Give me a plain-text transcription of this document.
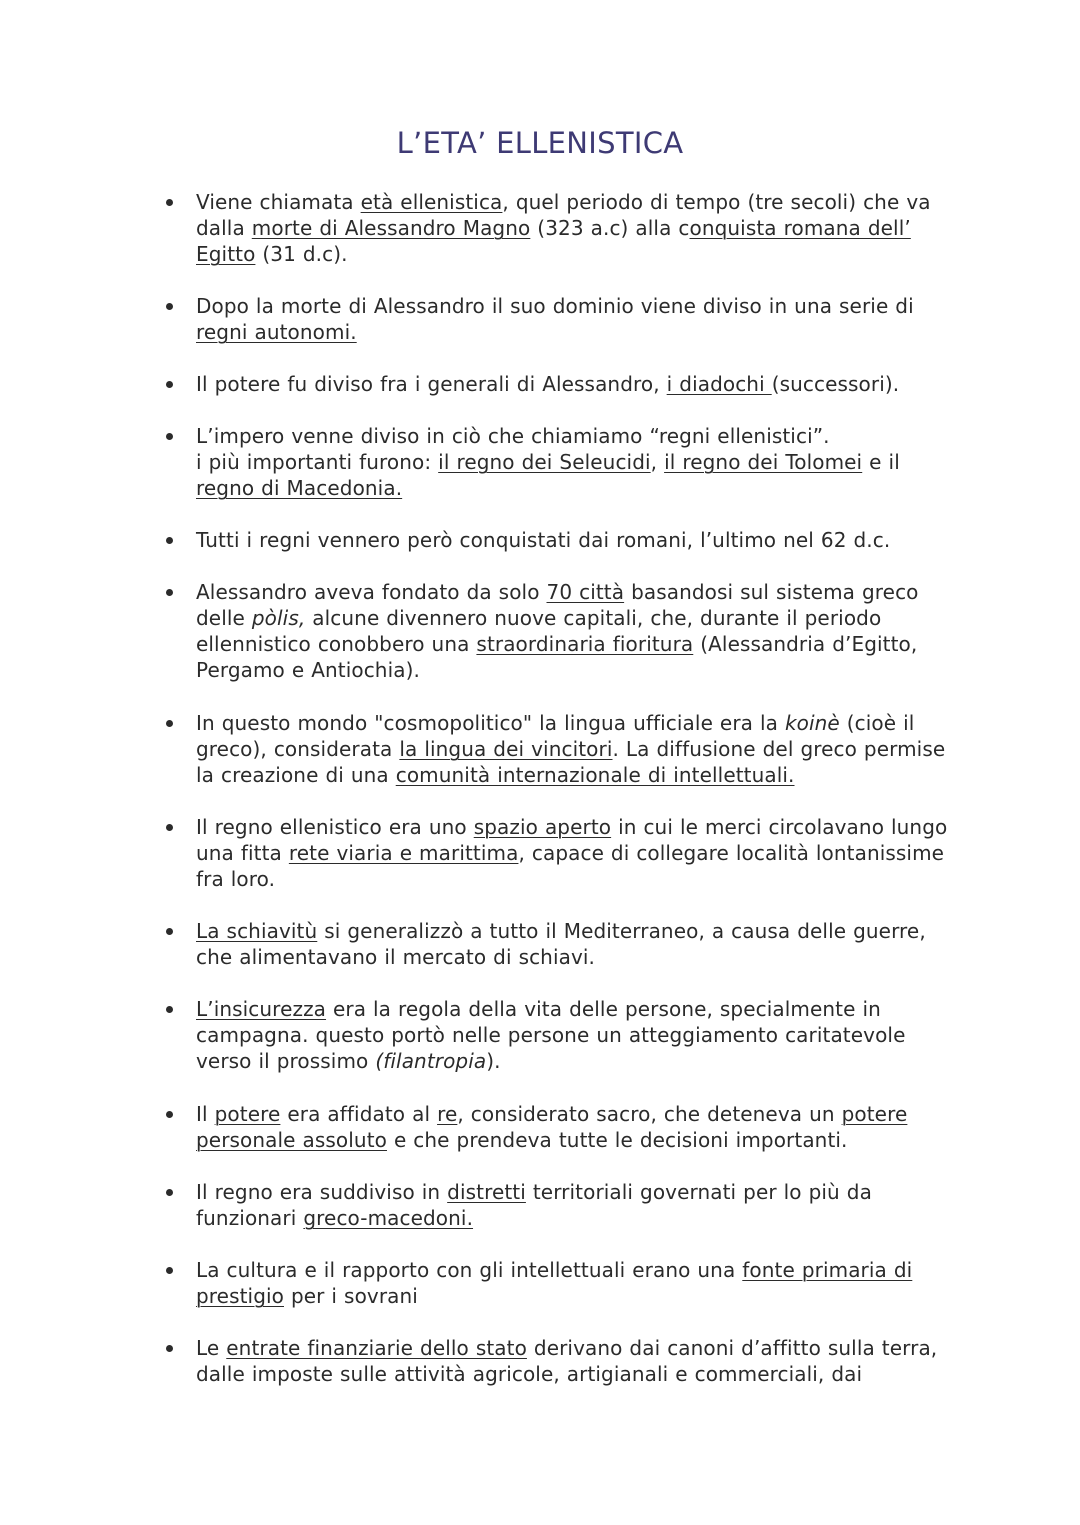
L’ETA’ ELLENISTICA
Viene chiamata età ellenistica, quel periodo di tempo (tre secoli) che va dalla morte di Alessandro Magno (323 a.c) alla conquista romana dell’ Egitto (31 d.c).
Dopo la morte di Alessandro il suo dominio viene diviso in una serie di regni autonomi.
Il potere fu diviso fra i generali di Alessandro, i diadochi (successori).
L’impero venne diviso in ciò che chiamiamo “regni ellenistici”.
i più importanti furono: il regno dei Seleucidi, il regno dei Tolomei e il regno di Macedonia.
Tutti i regni vennero però conquistati dai romani, l’ultimo nel 62 d.c.
Alessandro aveva fondato da solo 70 città basandosi sul sistema greco delle pòlis, alcune divennero nuove capitali, che, durante il periodo ellennistico conobbero una straordinaria fioritura (Alessandria d’Egitto, Pergamo e Antiochia).
In questo mondo "cosmopolitico" la lingua ufficiale era la koinè (cioè il greco), considerata la lingua dei vincitori. La diffusione del greco permise la creazione di una comunità internazionale di intellettuali.
Il regno ellenistico era uno spazio aperto in cui le merci circolavano lungo una fitta rete viaria e marittima, capace di collegare località lontanissime fra loro.
La schiavitù si generalizzò a tutto il Mediterraneo, a causa delle guerre, che alimentavano il mercato di schiavi.
L’insicurezza era la regola della vita delle persone, specialmente in campagna. questo portò nelle persone un atteggiamento caritatevole verso il prossimo (filantropia).
Il potere era affidato al re, considerato sacro, che deteneva un potere personale assoluto e che prendeva tutte le decisioni importanti.
Il regno era suddiviso in distretti territoriali governati per lo più da funzionari greco-macedoni.
La cultura e il rapporto con gli intellettuali erano una fonte primaria di prestigio per i sovrani
Le entrate finanziarie dello stato derivano dai canoni d’affitto sulla terra, dalle imposte sulle attività agricole, artigianali e commerciali, dai
